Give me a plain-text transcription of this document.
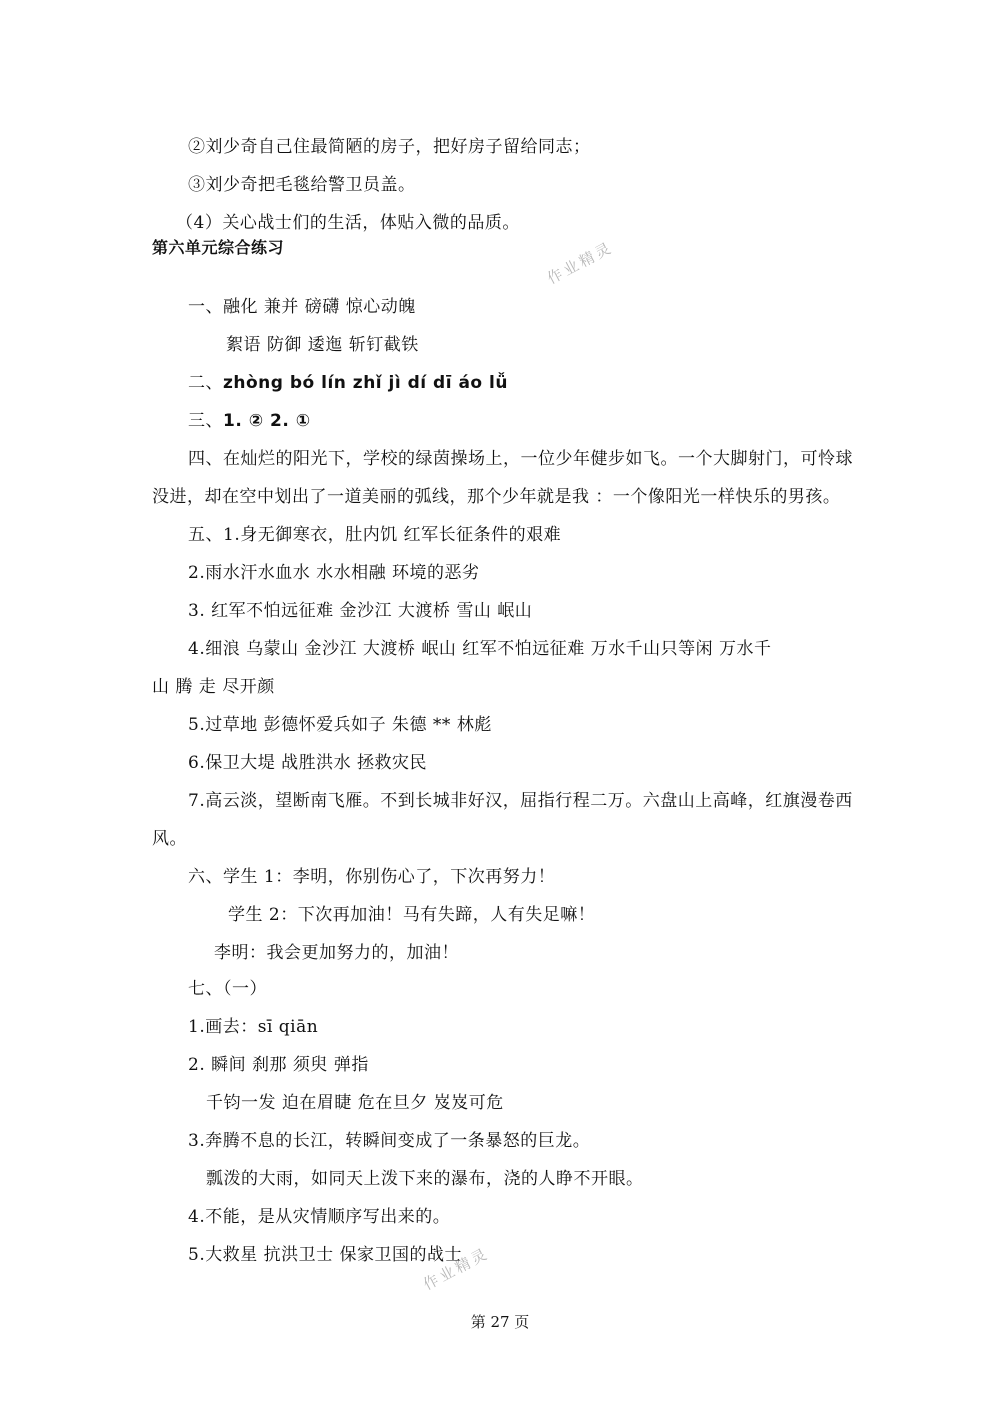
②刘少奇自己住最简陋的房子，把好房子留给同志；
③刘少奇把毛毯给警卫员盖。
（4）关心战士们的生活，体贴入微的品质。
第六单元综合练习
一、融化 兼并 磅礴 惊心动魄
絮语 防御 逶迤 斩钉截铁
二、zhòng bó lín zhǐ jì dí dī áo lǚ
三、1. ② 2. ①
四、在灿烂的阳光下，学校的绿茵操场上，一位少年健步如飞。一个大脚射门，可怜球
没进，却在空中划出了一道美丽的弧线，那个少年就是我 ：一个像阳光一样快乐的男孩。
五、1.身无御寒衣，肚内饥 红军长征条件的艰难
2.雨水汗水血水 水水相融 环境的恶劣
3. 红军不怕远征难 金沙江 大渡桥 雪山 岷山
4.细浪 乌蒙山 金沙江 大渡桥 岷山 红军不怕远征难 万水千山只等闲 万水千
山 腾 走 尽开颜
5.过草地 彭德怀爱兵如子 朱德 ** 林彪
6.保卫大堤 战胜洪水 拯救灾民
7.高云淡，望断南飞雁。不到长城非好汉，屈指行程二万。六盘山上高峰，红旗漫卷西
风。
六、学生 1：李明，你别伤心了，下次再努力！
学生 2：下次再加油！马有失蹄，人有失足嘛！
李明：我会更加努力的，加油！
七、（一）
1.画去：sī qiān
2. 瞬间 刹那 须臾 弹指
千钧一发 迫在眉睫 危在旦夕 岌岌可危
3.奔腾不息的长江，转瞬间变成了一条暴怒的巨龙。
瓢泼的大雨，如同天上泼下来的瀑布，浇的人睁不开眼。
4.不能，是从灾情顺序写出来的。
5.大救星 抗洪卫士 保家卫国的战士
作业精灵
作业精灵
第 27 页
